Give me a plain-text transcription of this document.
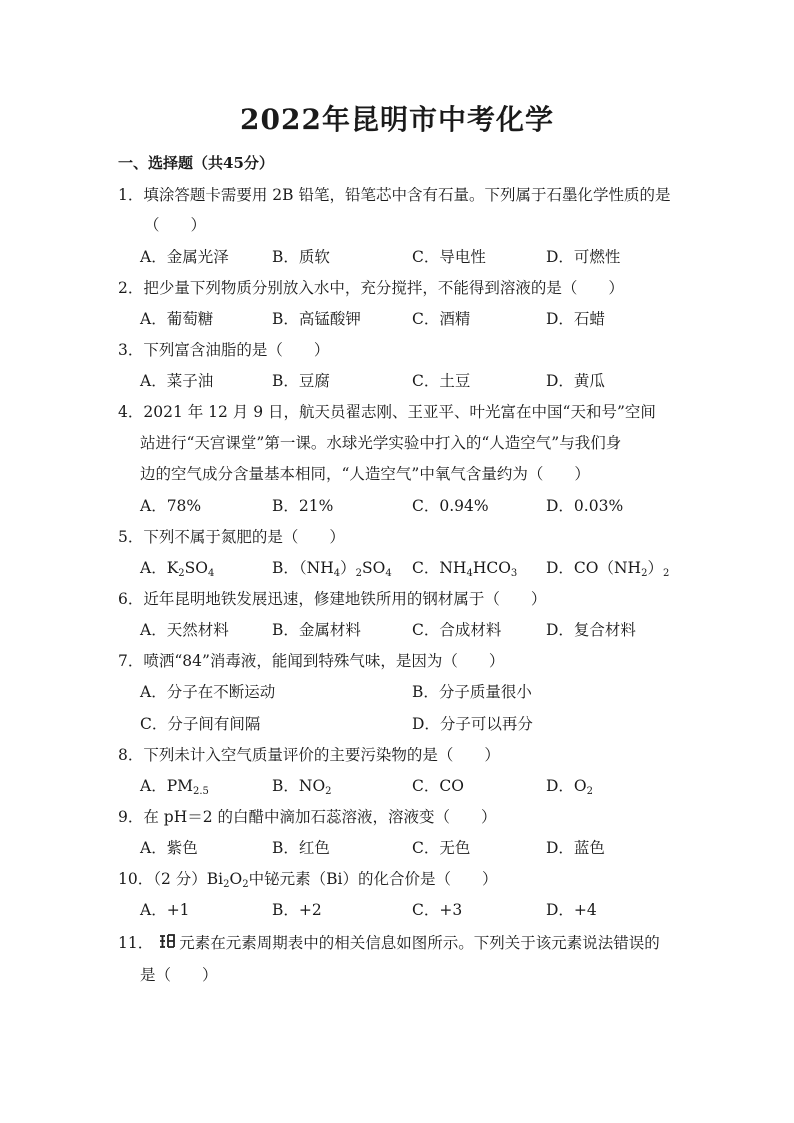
2022年昆明市中考化学
一、选择题（共45分）
1．填涂答题卡需要用 2B 铅笔，铅笔芯中含有石量。下列属于石墨化学性质的是
（　　）
A．金属光泽	B．质软	C．导电性	D．可燃性
2．把少量下列物质分别放入水中，充分搅拌，不能得到溶液的是（　　）
A．葡萄糖	B．高锰酸钾	C．酒精	D．石蜡
3．下列富含油脂的是（　　）
A．菜子油	B．豆腐	C．土豆	D．黄瓜
4．2021 年 12 月 9 日，航天员翟志刚、王亚平、叶光富在中国“天和号”空间
站进行“天宫课堂”第一课。水球光学实验中打入的“人造空气”与我们身
边的空气成分含量基本相同，“人造空气”中氧气含量约为（　　）
A．78%	B．21%	C．0.94%	D．0.03%
5．下列不属于氮肥的是（　　）
A．$K_2SO_4$	B．$(NH_4)_2SO_4$ C．$NH_4HCO_3$ D．$CO(NH_2)_2$
6．近年昆明地铁发展迅速，修建地铁所用的钢材属于（　　）
A．天然材料	B．金属材料	C．合成材料	D．复合材料
7．喷洒“84”消毒液，能闻到特殊气味，是因为（　　）
A．分子在不断运动	B．分子质量很小
C．分子间有间隔	D．分子可以再分
8．下列未计入空气质量评价的主要污染物的是（　　）
A．$PM_{2.5}$	B．$NO_2$	C．CO	D．$O_2$
9．在 pH＝2 的白醋中滴加石蕊溶液，溶液变（　　）
A．紫色	B．红色	C．无色	D．蓝色
10．（2 分）$Bi_2O_2$中铋元素（Bi）的化合价是（　　）
A．+1	B．+2	C．+3	D．+4
11． 元素在元素周期表中的相关信息如图所示。下列关于该元素说法错误的
是（　　）
